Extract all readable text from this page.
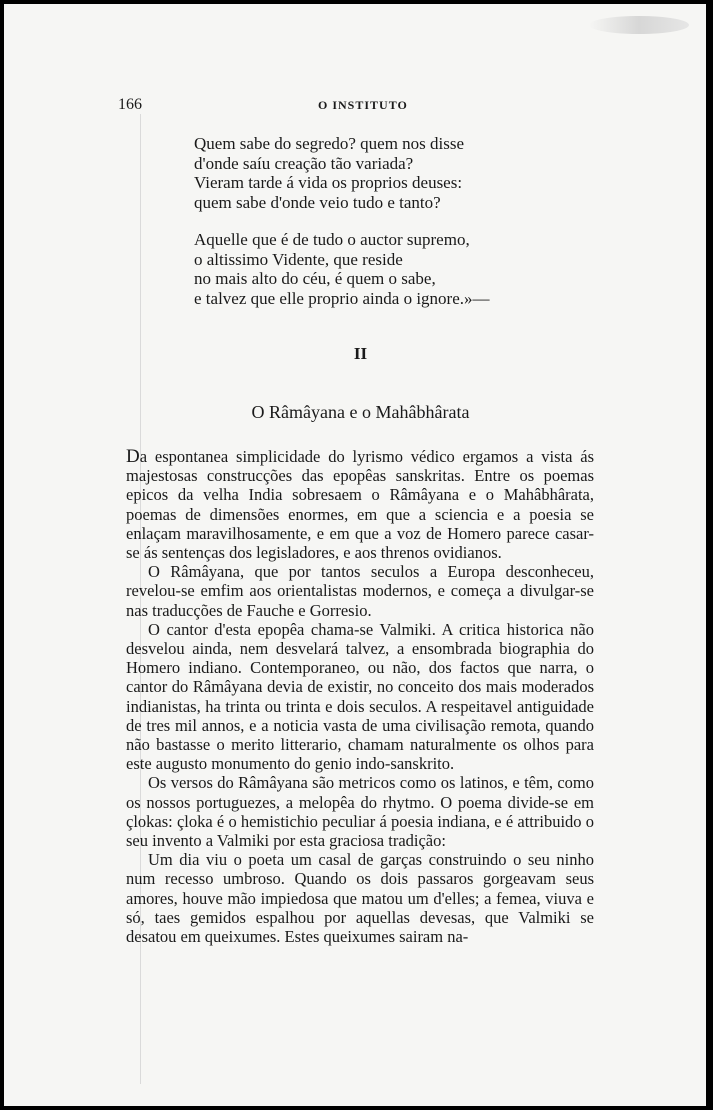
166	O INSTITUTO
Quem sabe do segredo? quem nos disse
d'onde saíu creação tão variada?
Vieram tarde á vida os proprios deuses:
quem sabe d'onde veio tudo e tanto?
Aquelle que é de tudo o auctor supremo,
o altissimo Vidente, que reside
no mais alto do céu, é quem o sabe,
e talvez que elle proprio ainda o ignore.»—
II
O Râmâyana e o Mahâbhârata

Da espontanea simplicidade do lyrismo védico ergamos a vista ás majestosas construcções das epopêas sanskritas. Entre os poemas epicos da velha India sobresaem o Râmâyana e o Mahâbhârata, poemas de dimensões enormes, em que a sciencia e a poesia se enlaçam maravilhosamente, e em que a voz de Homero parece casar-se ás sentenças dos legisladores, e aos threnos ovidianos.

O Râmâyana, que por tantos seculos a Europa desconheceu, revelou-se emfim aos orientalistas modernos, e começa a divulgar-se nas traducções de Fauche e Gorresio.

O cantor d'esta epopêa chama-se Valmiki. A critica historica não desvelou ainda, nem desvelará talvez, a ensombrada biographia do Homero indiano. Contemporaneo, ou não, dos factos que narra, o cantor do Râmâyana devia de existir, no conceito dos mais moderados indianistas, ha trinta ou trinta e dois seculos. A respeitavel antiguidade de tres mil annos, e a noticia vasta de uma civilisação remota, quando não bastasse o merito litterario, chamam naturalmente os olhos para este augusto monumento do genio indo-sanskrito.

Os versos do Râmâyana são metricos como os latinos, e têm, como os nossos portuguezes, a melopêa do rhytmo. O poema divide-se em çlokas: çloka é o hemistichio peculiar á poesia indiana, e é attribuido o seu invento a Valmiki por esta graciosa tradição:

Um dia viu o poeta um casal de garças construindo o seu ninho num recesso umbroso. Quando os dois passaros gorgeavam seus amores, houve mão impiedosa que matou um d'elles; a femea, viuva e só, taes gemidos espalhou por aquellas devesas, que Valmiki se desatou em queixumes. Estes queixumes sairam na-
